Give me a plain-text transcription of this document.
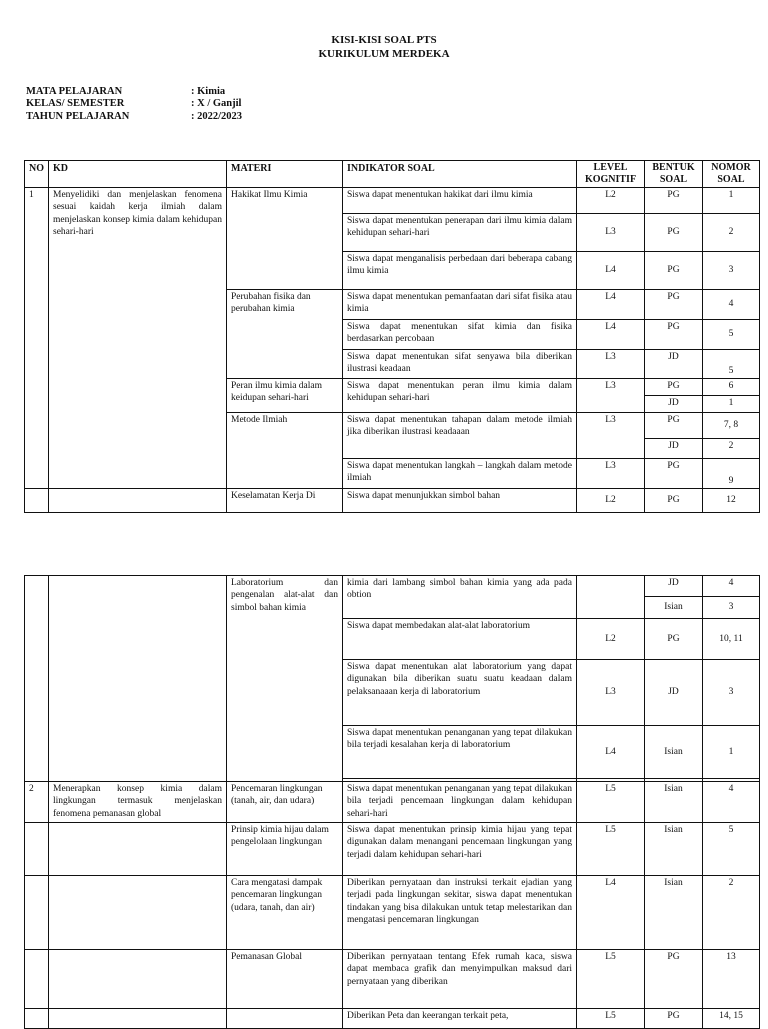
KISI-KISI SOAL PTS
KURIKULUM MERDEKA
MATA PELAJARAN	: Kimia
KELAS/ SEMESTER	: X / Ganjil
TAHUN PELAJARAN	: 2022/2023
NO	KD	MATERI	INDIKATOR SOAL	LEVEL KOGNITIF	BENTUK SOAL	NOMOR SOAL
1	Menyelidiki dan menjelaskan fenomena sesuai kaidah kerja ilmiah dalam menjelaskan konsep kimia dalam kehidupan sehari-hari	Hakikat Ilmu Kimia	Siswa dapat menentukan hakikat dari ilmu kimia	L2	PG	1
			Siswa dapat menentukan penerapan dari ilmu kimia dalam kehidupan sehari-hari	L3	PG	2
			Siswa dapat menganalisis perbedaan dari beberapa cabang ilmu kimia	L4	PG	3
		Perubahan fisika dan perubahan kimia	Siswa dapat menentukan pemanfaatan dari sifat fisika atau kimia	L4	PG	4
			Siswa dapat menentukan sifat kimia dan fisika berdasarkan percobaan	L4	PG	5
			Siswa dapat menentukan sifat senyawa bila diberikan ilustrasi keadaan	L3	JD	5
		Peran ilmu kimia dalam keidupan sehari-hari	Siswa dapat menentukan peran ilmu kimia dalam kehidupan sehari-hari	L3	PG	6
					JD	1
		Metode Ilmiah	Siswa dapat menentukan tahapan dalam metode ilmiah jika diberikan ilustrasi keadaaan	L3	PG	7, 8
					JD	2
			Siswa dapat menentukan langkah – langkah dalam metode ilmiah	L3	PG	9
		Keselamatan Kerja Di	Siswa dapat menunjukkan simbol bahan	L2	PG	12
		Laboratorium dan pengenalan alat-alat dan simbol bahan kimia	kimia dari lambang simbol bahan kimia yang ada pada obtion		JD	4
					Isian	3
			Siswa dapat membedakan alat-alat laboratorium	L2	PG	10, 11
			Siswa dapat menentukan alat laboratorium yang dapat digunakan bila diberikan suatu suatu keadaan dalam pelaksanaaan kerja di laboratorium	L3	JD	3
			Siswa dapat menentukan penanganan yang tepat dilakukan bila terjadi kesalahan kerja di laboratorium	L4	Isian	1

2	Menerapkan konsep kimia dalam lingkungan termasuk menjelaskan fenomena pemanasan global	Pencemaran lingkungan (tanah, air, dan udara)	Siswa dapat menentukan penanganan yang tepat dilakukan bila terjadi pencemaan lingkungan dalam kehidupan sehari-hari	L5	Isian	4
		Prinsip kimia hijau dalam pengelolaan lingkungan	Siswa dapat menentukan prinsip kimia hijau yang tepat digunakan dalam menangani pencemaan lingkungan yang terjadi dalam kehidupan sehari-hari	L5	Isian	5
		Cara mengatasi dampak pencemaran lingkungan (udara, tanah, dan air)	Diberikan pernyataan dan instruksi terkait ejadian yang terjadi pada lingkungan sekitar, siswa dapat menentukan tindakan yang bisa dilakukan untuk tetap melestarikan dan mengatasi pencemaran lingkungan	L4	Isian	2
		Pemanasan Global	Diberikan pernyataan tentang Efek rumah kaca, siswa dapat membaca grafik dan menyimpulkan maksud dari pernyataan yang diberikan	L5	PG	13
			Diberikan Peta dan keerangan terkait peta,	L5	PG	14, 15
